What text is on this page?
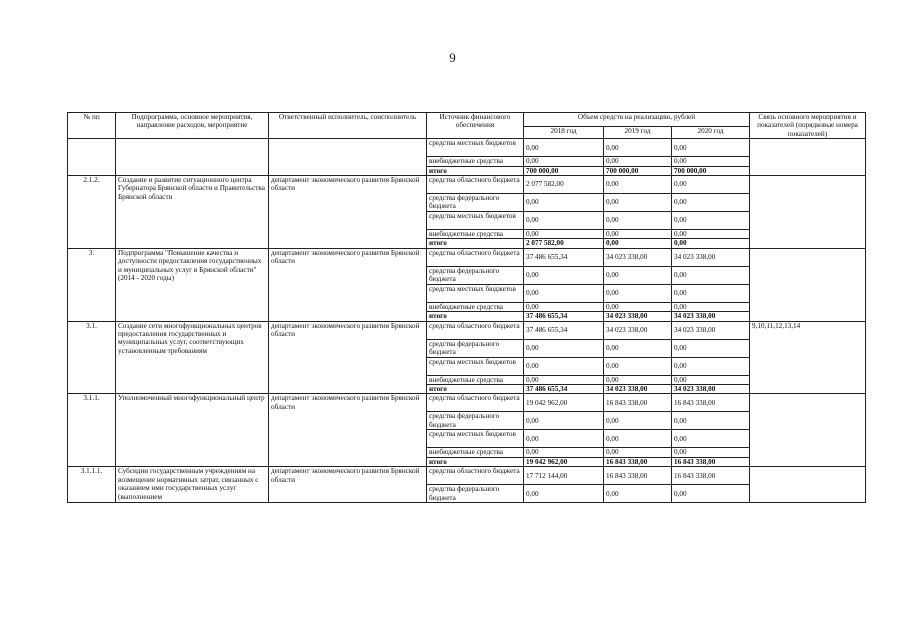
9
№ пп	Подпрограмма, основное мероприятия, направление расходов, мероприятие	Ответственный исполнитель, соисполнитель	Источник финансового обеспечения	Объем средств на реализацию, рублей			Связь основного мероприятия и показателей (порядковые номера показателей)
				2018 год	2019 год	2020 год	
			средства местных бюджетов	0,00	0,00	0,00	
			внебюджетные средства	0,00	0,00	0,00	
			итого	700 000,00	700 000,00	700 000,00	
2.1.2.	Создание и развитие ситуационного центра Губернатора Брянской области и Правительства Брянской области	департамент экономического развития Брянской области	средства областного бюджета	2 077 582,00	0,00	0,00	
			средства федерального бюджета	0,00	0,00	0,00	
			средства местных бюджетов	0,00	0,00	0,00	
			внебюджетные средства	0,00	0,00	0,00	
			итого	2 077 582,00	0,00	0,00	
3.	Подпрограмма "Повышение качества и доступности предоставления государственных и муниципальных услуг в Брянской области" (2014 - 2020 годы)	департамент экономического развития Брянской области	средства областного бюджета	37 486 655,34	34 023 338,00	34 023 338,00	
			средства федерального бюджета	0,00	0,00	0,00	
			средства местных бюджетов	0,00	0,00	0,00	
			внебюджетные средства	0,00	0,00	0,00	
			итого	37 486 655,34	34 023 338,00	34 023 338,00	
3.1.	Создание сети многофункциональных центров предоставления государственных и муниципальных услуг, соответствующих установленным требованиям	департамент экономического развития Брянской области	средства областного бюджета	37 486 655,34	34 023 338,00	34 023 338,00	9,10,11,12,13,14
			средства федерального бюджета	0,00	0,00	0,00	
			средства местных бюджетов	0,00	0,00	0,00	
			внебюджетные средства	0,00	0,00	0,00	
			итого	37 486 655,34	34 023 338,00	34 023 338,00	
3.1.1.	Уполномоченный многофункциональный центр	департамент экономического развития Брянской области	средства областного бюджета	19 042 962,00	16 843 338,00	16 843 338,00	
			средства федерального бюджета	0,00	0,00	0,00	
			средства местных бюджетов	0,00	0,00	0,00	
			внебюджетные средства	0,00	0,00	0,00	
			итого	19 042 962,00	16 843 338,00	16 843 338,00	
3.1.1.1.	Субсидии государственным учреждениям на возмещение нормативных затрат, связанных с оказанием ими государственных услуг (выполнением	департамент экономического развития Брянской области	средства областного бюджета	17 712 144,00	16 843 338,00	16 843 338,00	
			средства федерального бюджета	0,00	0,00	0,00	
